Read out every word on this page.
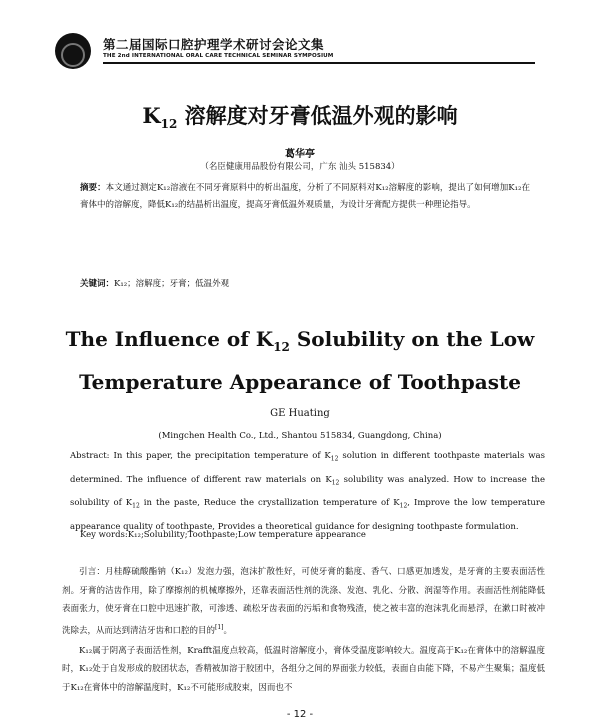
第二届国际口腔护理学术研讨会论文集
THE 2nd INTERNATIONAL ORAL CARE TECHNICAL SEMINAR SYMPOSIUM
$K_{12}$ 溶解度对牙膏低温外观的影响
葛华亭
（名臣健康用品股份有限公司，广东 汕头 515834）
摘要：本文通过测定K₁₂溶液在不同牙膏原料中的析出温度，分析了不同原料对K₁₂溶解度的影响，提出了如何增加K₁₂在膏体中的溶解度，降低K₁₂的结晶析出温度，提高牙膏低温外观质量，为设计牙膏配方提供一种理论指导。
关键词：K₁₂；溶解度；牙膏；低温外观
The Influence of $K_{12}$ Solubility on the Low Temperature Appearance of Toothpaste
GE Huating
(Mingchen Health Co., Ltd., Shantou 515834, Guangdong, China)
Abstract: In this paper, the precipitation temperature of $K_{12}$ solution in different toothpaste materials was determined. The influence of different raw materials on $K_{12}$ solubility was analyzed. How to increase the solubility of $K_{12}$ in the paste, Reduce the crystallization temperature of $K_{12}$, Improve the low temperature appearance quality of toothpaste, Provides a theoretical guidance for designing toothpaste formulation.
Key words:K₁₂;Solubility;Toothpaste;Low temperature appearance

引言：月桂醇硫酸酯钠（K₁₂）发泡力强，泡沫扩散性好，可使牙膏的黏度、香气、口感更加透发，是牙膏的主要表面活性剂。牙膏的洁齿作用，除了摩擦剂的机械摩擦外，还靠表面活性剂的洗涤、发泡、乳化、分散、润湿等作用。表面活性剂能降低表面张力，使牙膏在口腔中迅速扩散，可渗透、疏松牙齿表面的污垢和食物残渣，使之被丰富的泡沫乳化而悬浮，在漱口时被冲洗除去，从而达到清洁牙齿和口腔的目的[1]。

K₁₂属于阴离子表面活性剂，Krafft温度点较高，低温时溶解度小，膏体受温度影响较大。温度高于K₁₂在膏体中的溶解温度时，K₁₂处于自发形成的胶团状态，香精被加溶于胶团中，各组分之间的界面张力较低，表面自由能下降，不易产生聚集；温度低于K₁₂在膏体中的溶解温度时，K₁₂不可能形成胶束，因而也不

- 12 -
